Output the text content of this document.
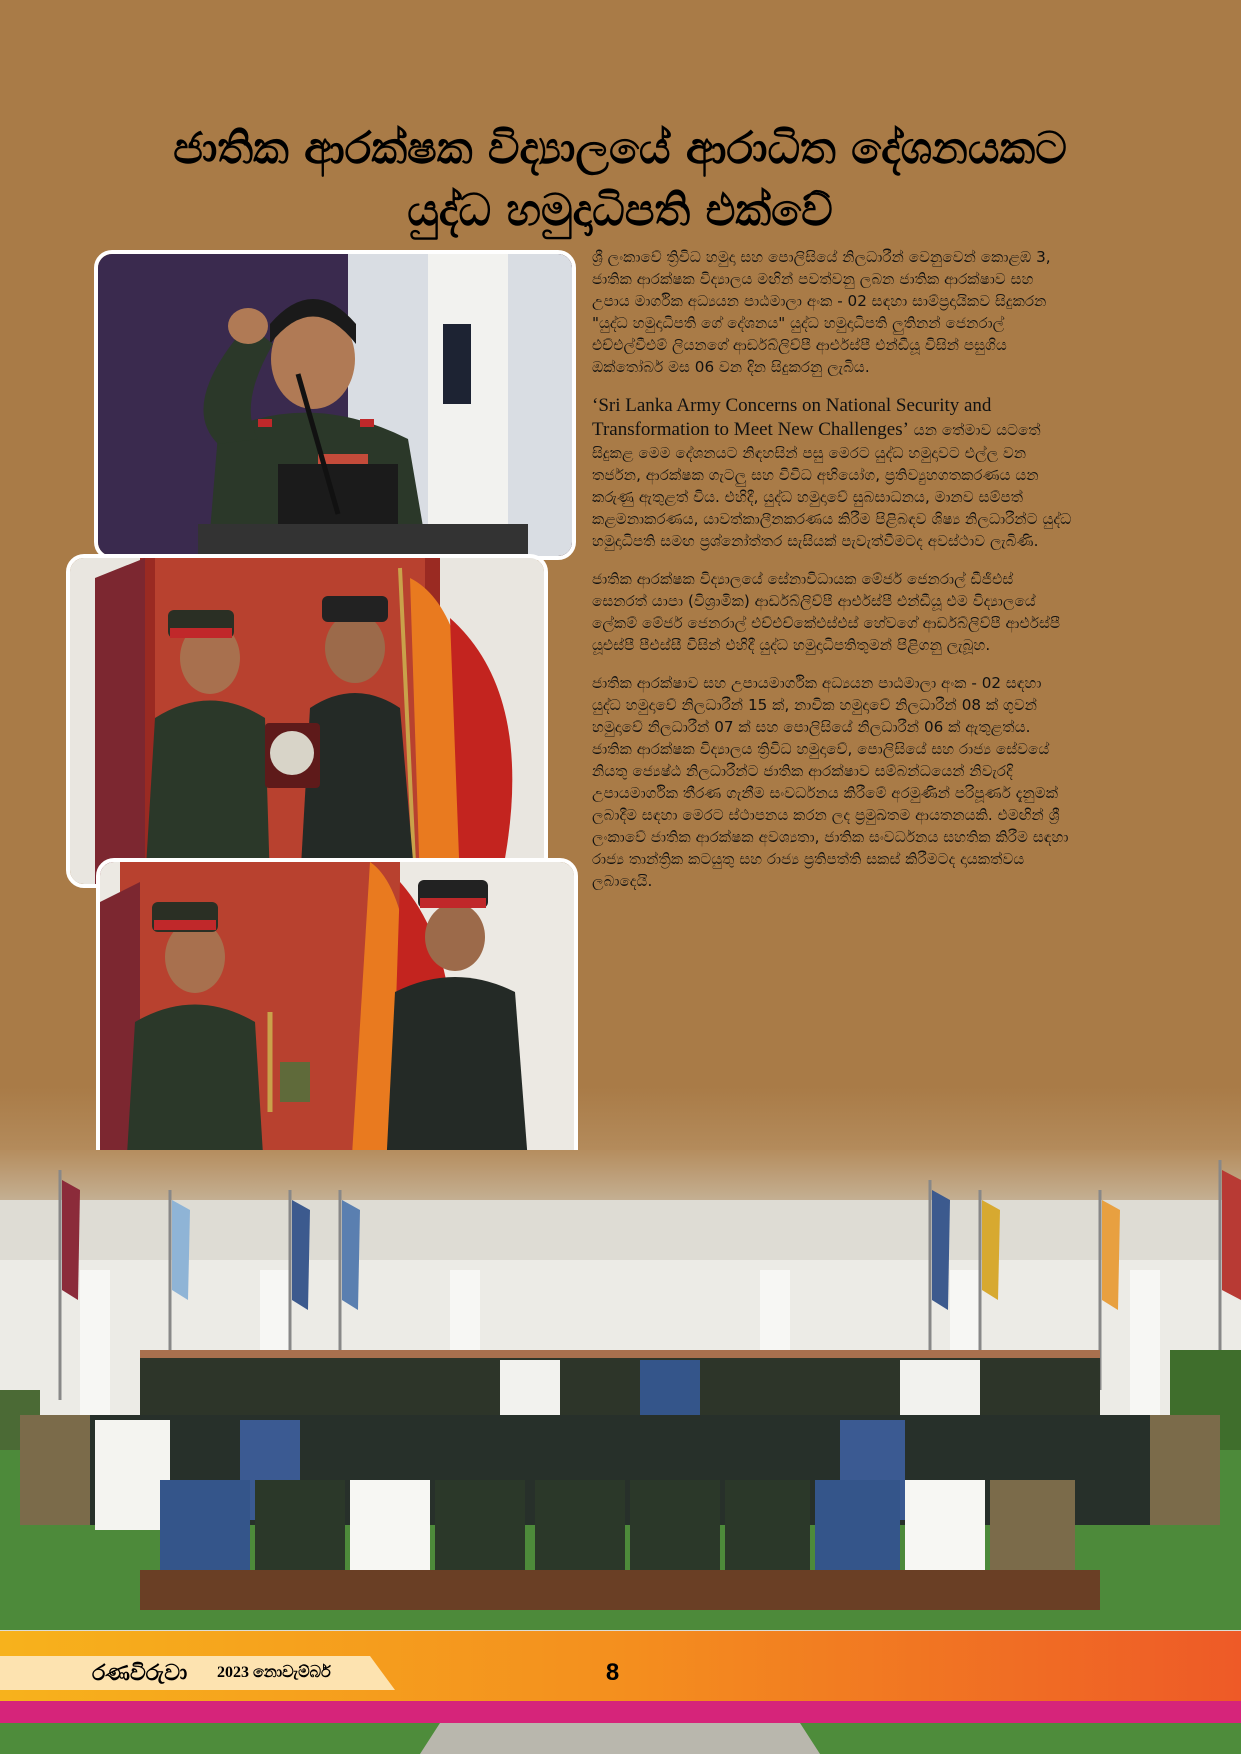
ජාතික ආරක්ෂක විද්‍යාලයේ ආරාධිත දේශනයකට
යුද්ධ හමුදාධිපති එක්වේ

ශ්‍රී ලංකාවේ ත්‍රිවිධ හමුදා සහ පොලිසියේ නිලධාරීන් වෙනුවෙන් කොළඹ 3, ජාතික ආරක්ෂක විද්‍යාලය මඟින් පවත්වනු ලබන ජාතික ආරක්ෂාව සහ උපාය මාර්ගික අධ්‍යයන පාඨමාලා අංක - 02 සඳහා සාම්ප්‍රදායිකව සිදුකරන "යුද්ධ හමුදාධිපති ගේ දේශනය" යුද්ධ හමුදාධිපති ලුතිනන් ජෙනරාල් එච්එල්වීඑම් ලියනගේ ආර්ඩබ්ලිව්පී ආර්එස්පී එන්ඩීයූ විසින් පසුගිය ඔක්තෝබර් මස 06 වන දින සිදුකරනු ලැබිය.

‘Sri Lanka Army Concerns on National Security and Transformation to Meet New Challenges’ යන තේමාව යටතේ සිදුකළ මෙම දේශනයට නිඳහසින් පසු මෙරට යුද්ධ හමුදාවට එල්ල වන තර්ජන, ආරක්ෂක ගැටලු සහ විවිධ අභියෝග, ප්‍රතිව්‍යුහගතකරණය යන කරුණු ඇතුළත් විය. එහිදී, යුද්ධ හමුදාවේ සුබසාධනය, මානව සම්පත් කළමනාකරණය, යාවත්කාලීනකරණය කිරීම පිළිබඳව ශිෂ්‍ය නිලධාරීන්ට යුද්ධ හමුදාධිපති සමඟ ප්‍රශ්නෝත්තර සැසියක් පැවැත්වීමටද අවස්ථාව ලැබිණි.

ජාතික ආරක්ෂක විද්‍යාලයේ සේනාවිධායක මේජර් ජෙනරාල් ඩීජීඑස් සෙනරත් යාපා (විශ්‍රාමික) ආර්ඩබ්ලිව්පී ආර්එස්පී එන්ඩීයූ එම විද්‍යාලයේ ලේකම් මේජර් ජෙනරාල් එච්එච්කේඑස්එස් හේවගේ ආර්ඩබ්ලිව්පී ආර්එස්පී යූඑස්පී පීඑස්සී විසින් එහිදී යුද්ධ හමුදාධිපතිතුමන් පිළිගනු ලැබූහ.

ජාතික ආරක්ෂාව සහ උපායමාර්ගික අධ්‍යයන පාඨමාලා අංක - 02 සඳහා යුද්ධ හමුදාවේ නිලධාරීන් 15 ක්, නාවික හමුදාවේ නිලධාරීන් 08 ක් ගුවන් හමුදාවේ නිලධාරීන් 07 ක් සහ පොලිසියේ නිලධාරීන් 06 ක් ඇතුළත්ය. ජාතික ආරක්ෂක විද්‍යාලය ත්‍රිවිධ හමුදාවේ, පොලිසියේ සහ රාජ්‍ය සේවයේ නියතු ජ්‍යෙෂ්ඨ නිලධාරීන්ට ජාතික ආරක්ෂාව සම්බන්ධයෙන් නිවැරදි උපායමාර්ගික තීරණ ගැනීම සංවර්ධනය කිරීමේ අරමුණින් පරිපූර්ණ දැනුමක් ලබාදීම සඳහා මෙරට ස්ථාපනය කරන ලද ප්‍රමුඛතම ආයතනයකි. එමඟින් ශ්‍රී ලංකාවේ ජාතික ආරක්ෂක අවශ්‍යතා, ජාතික සංවර්ධනය සහතික කිරීම සඳහා රාජ්‍ය තාන්ත්‍රික කටයුතු සහ රාජ්‍ය ප්‍රතිපත්ති සකස් කිරීමටද දායකත්වය ලබාදෙයි.

රණවිරුවා 2023 නොවැම්බර්	8
